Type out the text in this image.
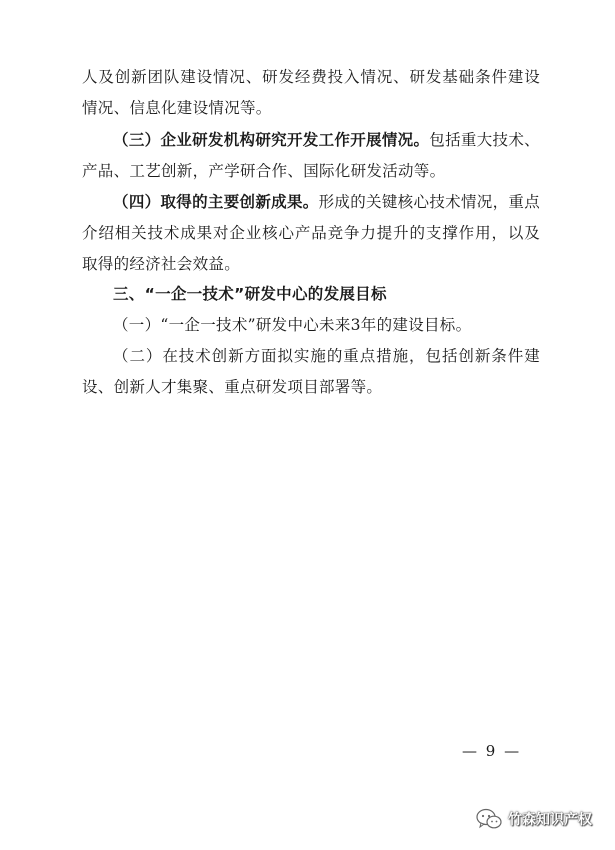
人及创新团队建设情况、研发经费投入情况、研发基础条件建设情况、信息化建设情况等。
（三）企业研发机构研究开发工作开展情况。包括重大技术、产品、工艺创新，产学研合作、国际化研发活动等。
（四）取得的主要创新成果。形成的关键核心技术情况，重点介绍相关技术成果对企业核心产品竞争力提升的支撑作用，以及取得的经济社会效益。
三、“一企一技术”研发中心的发展目标
（一）“一企一技术”研发中心未来3年的建设目标。
（二）在技术创新方面拟实施的重点措施，包括创新条件建设、创新人才集聚、重点研发项目部署等。
— 9 —
竹森知识产权
